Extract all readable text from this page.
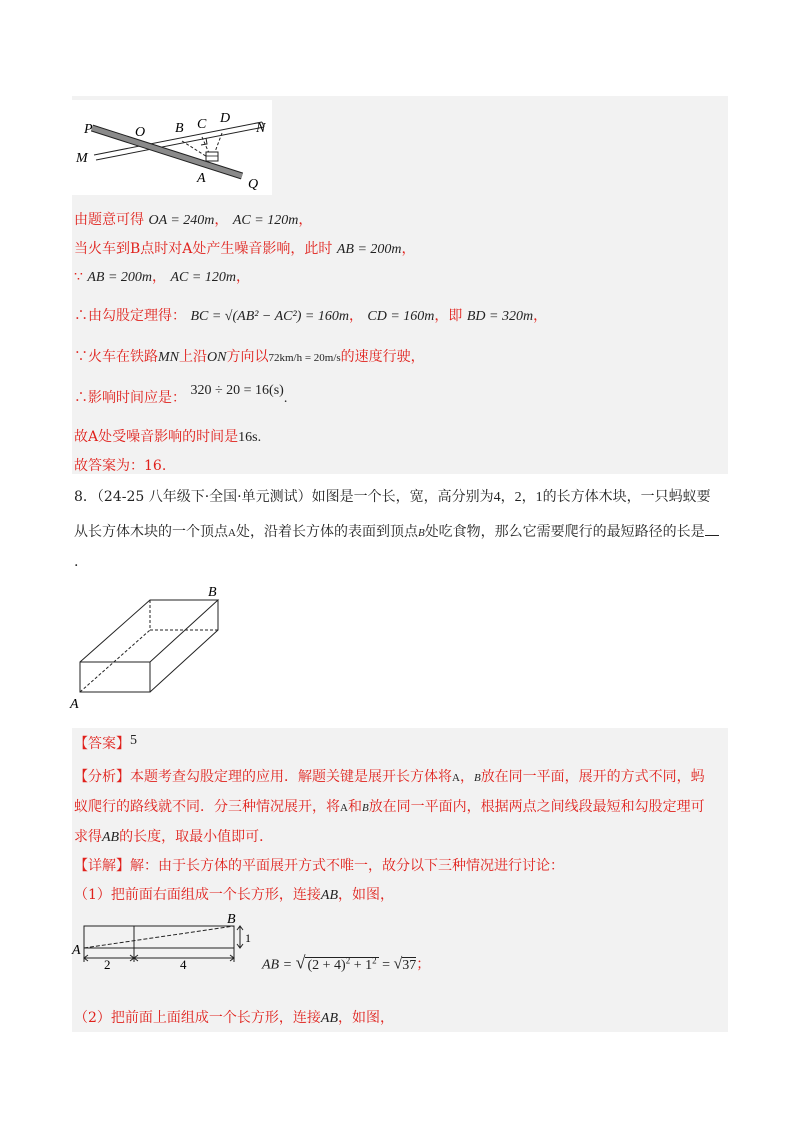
P	O B C D
N
M
A	Q
由题意可得 OA = 240m， AC = 120m，
当火车到B点时对A处产生噪音影响，此时 AB = 200m，
∵ AB = 200m， AC = 120m，
∴由勾股定理得： BC = √(AB² − AC²) = 160m， CD = 160m，即 BD = 320m，
∵火车在铁路MN上沿ON方向以72km/h = 20m/s的速度行驶，
∴影响时间应是： 320 ÷ 20 = 16(s).
故A处受噪音影响的时间是16s.
故答案为：16.
8．（24-25 八年级下·全国·单元测试）如图是一个长，宽，高分别为4，2，1的长方体木块，一只蚂蚁要
从长方体木块的一个顶点A处，沿着长方体的表面到顶点B处吃食物，那么它需要爬行的最短路径的长是
.
B
A
【答案】5
【分析】本题考查勾股定理的应用．解题关键是展开长方体将A，B放在同一平面，展开的方式不同，蚂
蚁爬行的路线就不同．分三种情况展开，将A和B放在同一平面内，根据两点之间线段最短和勾股定理可
求得AB的长度，取最小值即可．
【详解】解：由于长方体的平面展开方式不唯一，故分以下三种情况进行讨论：
（1）把前面右面组成一个长方形，连接AB，如图，
A
B
2	4
1
AB = √ $(2 + 4)^2 + 1^2 = √37$；
（2）把前面上面组成一个长方形，连接AB，如图，
